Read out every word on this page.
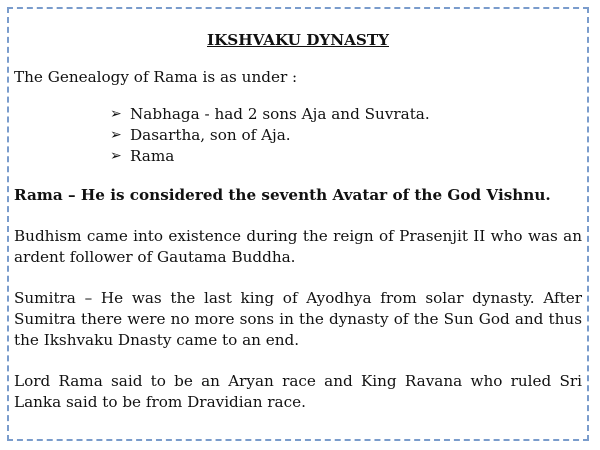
IKSHVAKU DYNASTY
The Genealogy of Rama is as under :
➢ Nabhaga - had 2 sons Aja and Suvrata.
➢ Dasartha, son of Aja.
➢ Rama
Rama – He is considered the seventh Avatar of the God Vishnu.
Budhism came into existence during the reign of Prasenjit II who was an ardent follower of Gautama Buddha.
Sumitra – He was the last king of Ayodhya from solar dynasty. After Sumitra there were no more sons in the dynasty of the Sun God and thus the Ikshvaku Dnasty came to an end.
Lord Rama said to be an Aryan race and King Ravana who ruled Sri Lanka said to be from Dravidian race.
